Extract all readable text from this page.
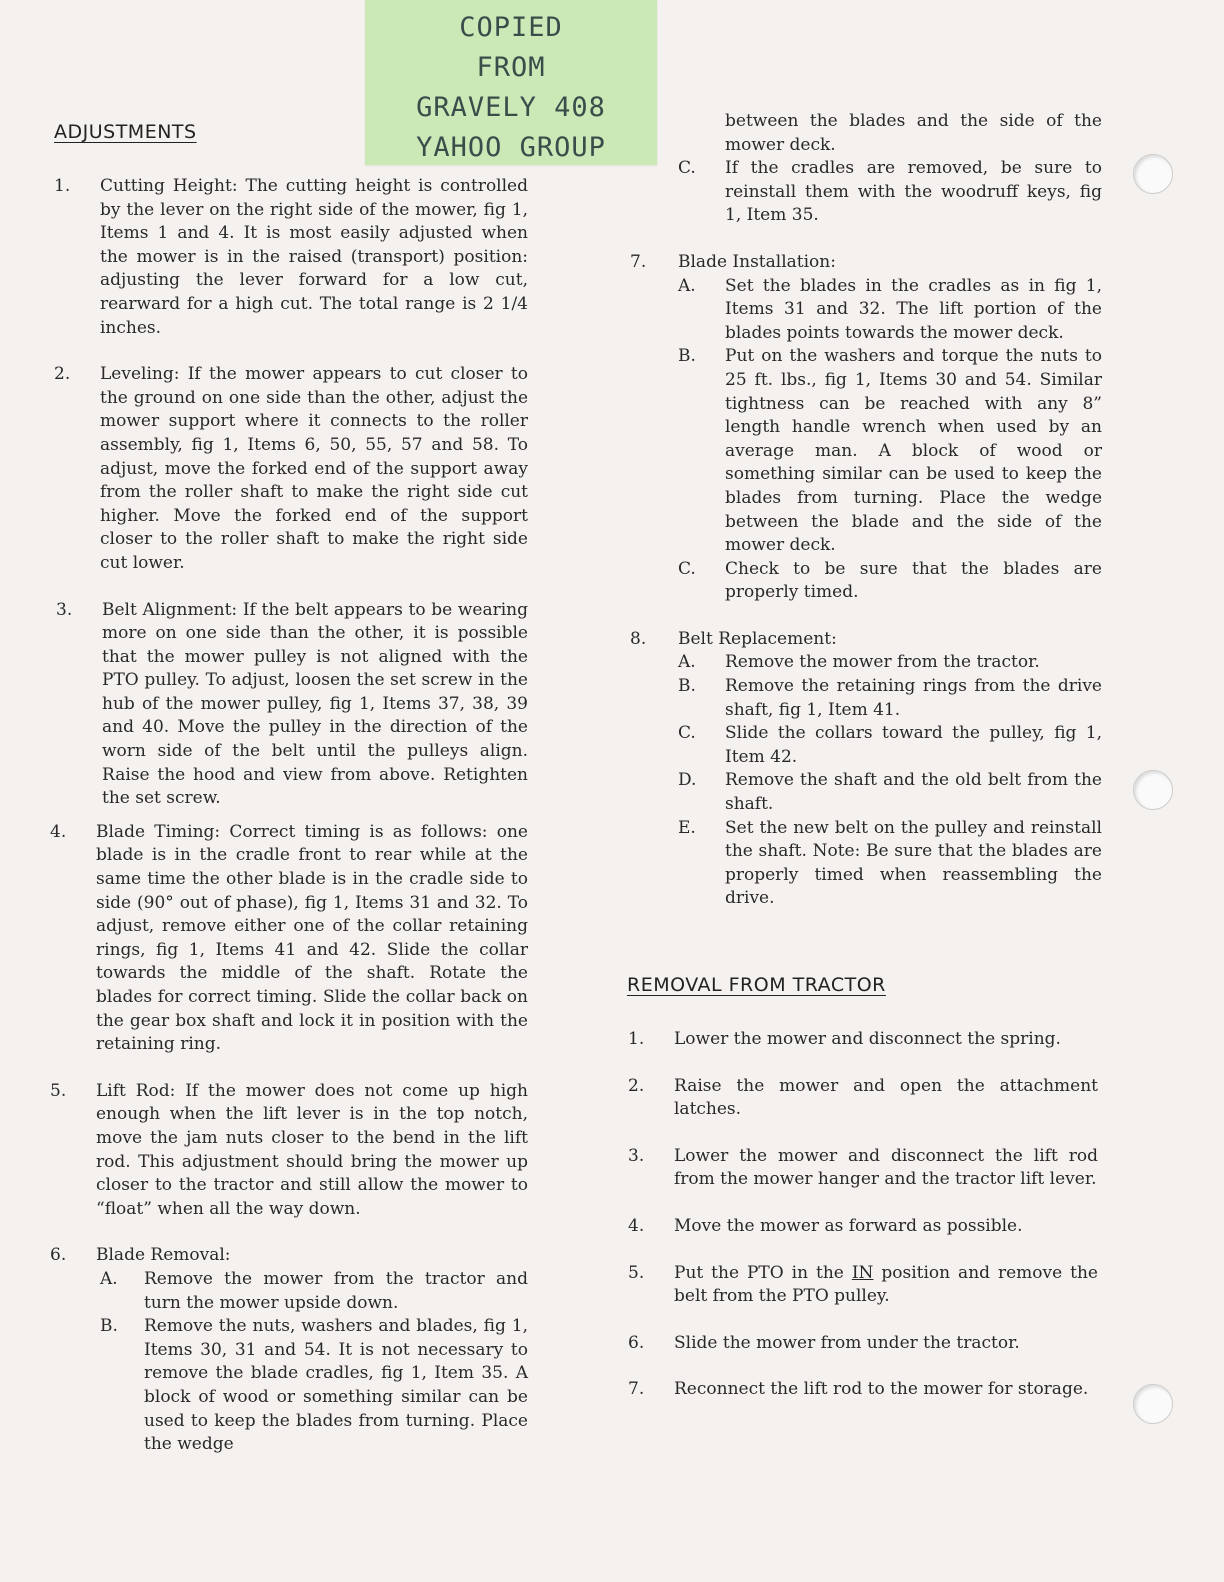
COPIED
FROM
GRAVELY 408
YAHOO GROUP
ADJUSTMENTS
1. Cutting Height: The cutting height is controlled by the lever on the right side of the mower, fig 1, Items 1 and 4. It is most easily adjusted when the mower is in the raised (transport) position: adjusting the lever forward for a low cut, rearward for a high cut. The total range is 2 1/4 inches.
2. Leveling: If the mower appears to cut closer to the ground on one side than the other, adjust the mower support where it connects to the roller assembly, fig 1, Items 6, 50, 55, 57 and 58. To adjust, move the forked end of the support away from the roller shaft to make the right side cut higher. Move the forked end of the support closer to the roller shaft to make the right side cut lower.
3. Belt Alignment: If the belt appears to be wearing more on one side than the other, it is possible that the mower pulley is not aligned with the PTO pulley. To adjust, loosen the set screw in the hub of the mower pulley, fig 1, Items 37, 38, 39 and 40. Move the pulley in the direction of the worn side of the belt until the pulleys align. Raise the hood and view from above. Retighten the set screw.
4. Blade Timing: Correct timing is as follows: one blade is in the cradle front to rear while at the same time the other blade is in the cradle side to side (90° out of phase), fig 1, Items 31 and 32. To adjust, remove either one of the collar retaining rings, fig 1, Items 41 and 42. Slide the collar towards the middle of the shaft. Rotate the blades for correct timing. Slide the collar back on the gear box shaft and lock it in position with the retaining ring.
5. Lift Rod: If the mower does not come up high enough when the lift lever is in the top notch, move the jam nuts closer to the bend in the lift rod. This adjustment should bring the mower up closer to the tractor and still allow the mower to “float” when all the way down.
6. Blade Removal:
A. Remove the mower from the tractor and turn the mower upside down.
B. Remove the nuts, washers and blades, fig 1, Items 30, 31 and 54. It is not necessary to remove the blade cradles, fig 1, Item 35. A block of wood or something similar can be used to keep the blades from turning. Place the wedge
between the blades and the side of the mower deck.
C. If the cradles are removed, be sure to reinstall them with the woodruff keys, fig 1, Item 35.
7. Blade Installation:
A. Set the blades in the cradles as in fig 1, Items 31 and 32. The lift portion of the blades points towards the mower deck.
B. Put on the washers and torque the nuts to 25 ft. lbs., fig 1, Items 30 and 54. Similar tightness can be reached with any 8” length handle wrench when used by an average man. A block of wood or something similar can be used to keep the blades from turning. Place the wedge between the blade and the side of the mower deck.
C. Check to be sure that the blades are properly timed.
8. Belt Replacement:
A. Remove the mower from the tractor.
B. Remove the retaining rings from the drive shaft, fig 1, Item 41.
C. Slide the collars toward the pulley, fig 1, Item 42.
D. Remove the shaft and the old belt from the shaft.
E. Set the new belt on the pulley and reinstall the shaft. Note: Be sure that the blades are properly timed when reassembling the drive.
REMOVAL FROM TRACTOR
1. Lower the mower and disconnect the spring.
2. Raise the mower and open the attachment latches.
3. Lower the mower and disconnect the lift rod from the mower hanger and the tractor lift lever.
4. Move the mower as forward as possible.
5. Put the PTO in the IN position and remove the belt from the PTO pulley.
6. Slide the mower from under the tractor.
7. Reconnect the lift rod to the mower for storage.
